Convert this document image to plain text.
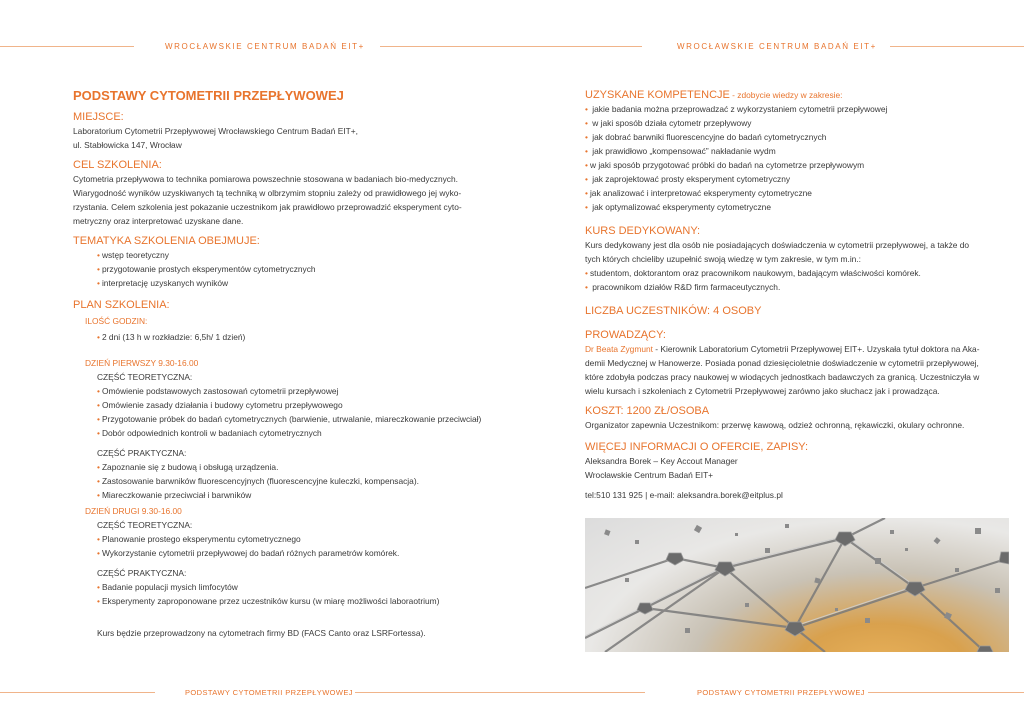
WROCŁAWSKIE CENTRUM BADAŃ EIT+	WROCŁAWSKIE CENTRUM BADAŃ EIT+
PODSTAWY CYTOMETRII PRZEPŁYWOWEJ
MIEJSCE:
Laboratorium Cytometrii Przepływowej Wrocławskiego Centrum Badań EIT+,
ul. Stabłowicka 147, Wrocław
CEL SZKOLENIA:
Cytometria przepływowa to technika pomiarowa powszechnie stosowana w badaniach bio-medycznych.
Wiarygodność wyników uzyskiwanych tą techniką w olbrzymim stopniu zależy od prawidłowego jej wyko-
rzystania. Celem szkolenia jest pokazanie uczestnikom jak prawidłowo przeprowadzić eksperyment cyto-
metryczny oraz interpretować uzyskane dane.
TEMATYKA SZKOLENIA OBEJMUJE:
• wstęp teoretyczny
• przygotowanie prostych eksperymentów cytometrycznych
• interpretację uzyskanych wyników
PLAN SZKOLENIA:
ILOŚĆ GODZIN:
• 2 dni (13 h w rozkładzie: 6,5h/ 1 dzień)
DZIEŃ PIERWSZY 9.30-16.00
CZĘŚĆ TEORETYCZNA:
• Omówienie podstawowych zastosowań cytometrii przepływowej
• Omówienie zasady działania i budowy cytometru przepływowego
• Przygotowanie próbek do badań cytometrycznych (barwienie, utrwalanie, miareczkowanie przeciwciał)
• Dobór odpowiednich kontroli w badaniach cytometrycznych
CZĘŚĆ PRAKTYCZNA:
• Zapoznanie się z budową i obsługą urządzenia.
• Zastosowanie barwników fluorescencyjnych (fluorescencyjne kuleczki, kompensacja).
• Miareczkowanie przeciwciał i barwników
DZIEŃ DRUGI 9.30-16.00
CZĘŚĆ TEORETYCZNA:
• Planowanie prostego eksperymentu cytometrycznego
• Wykorzystanie cytometrii przepływowej do badań różnych parametrów komórek.
CZĘŚĆ PRAKTYCZNA:
• Badanie populacji mysich limfocytów
• Eksperymenty zaproponowane przez uczestników kursu (w miarę możliwości laboraotrium)
Kurs będzie przeprowadzony na cytometrach firmy BD (FACS Canto oraz LSRFortessa).
UZYSKANE KOMPETENCJE - zdobycie wiedzy w zakresie:
• jakie badania można przeprowadzać z wykorzystaniem cytometrii przepływowej
• w jaki sposób działa cytometr przepływowy
• jak dobrać barwniki fluorescencyjne do badań cytometrycznych
• jak prawidłowo „kompensować” nakładanie wydm
• w jaki sposób przygotować próbki do badań na cytometrze przepływowym
• jak zaprojektować prosty eksperyment cytometryczny
• jak analizować i interpretować eksperymenty cytometryczne
• jak optymalizować eksperymenty cytometryczne
KURS DEDYKOWANY:
Kurs dedykowany jest dla osób nie posiadających doświadczenia w cytometrii przepływowej, a także do
tych których chcieliby uzupełnić swoją wiedzę w tym zakresie, w tym m.in.:
• studentom, doktorantom oraz pracownikom naukowym, badającym właściwości komórek.
• pracownikom działów R&D firm farmaceutycznych.
LICZBA UCZESTNIKÓW: 4 OSOBY
PROWADZĄCY:
Dr Beata Zygmunt - Kierownik Laboratorium Cytometrii Przepływowej EIT+. Uzyskała tytuł doktora na Aka-
demii Medycznej w Hanowerze. Posiada ponad dziesięcioletnie doświadczenie w cytometrii przepływowej,
które zdobyła podczas pracy naukowej w wiodących jednostkach badawczych za granicą. Uczestniczyła w
wielu kursach i szkoleniach z Cytometrii Przepływowej zarówno jako słuchacz jak i prowadząca.
KOSZT: 1200 ZŁ/OSOBA
Organizator zapewnia Uczestnikom: przerwę kawową, odzież ochronną, rękawiczki, okulary ochronne.
WIĘCEJ INFORMACJI O OFERCIE, ZAPISY:
Aleksandra Borek – Key Accout Manager
Wrocławskie Centrum Badań EIT+
tel:510 131 925 | e-mail: aleksandra.borek@eitplus.pl
PODSTAWY CYTOMETRII PRZEPŁYWOWEJ	PODSTAWY CYTOMETRII PRZEPŁYWOWEJ
